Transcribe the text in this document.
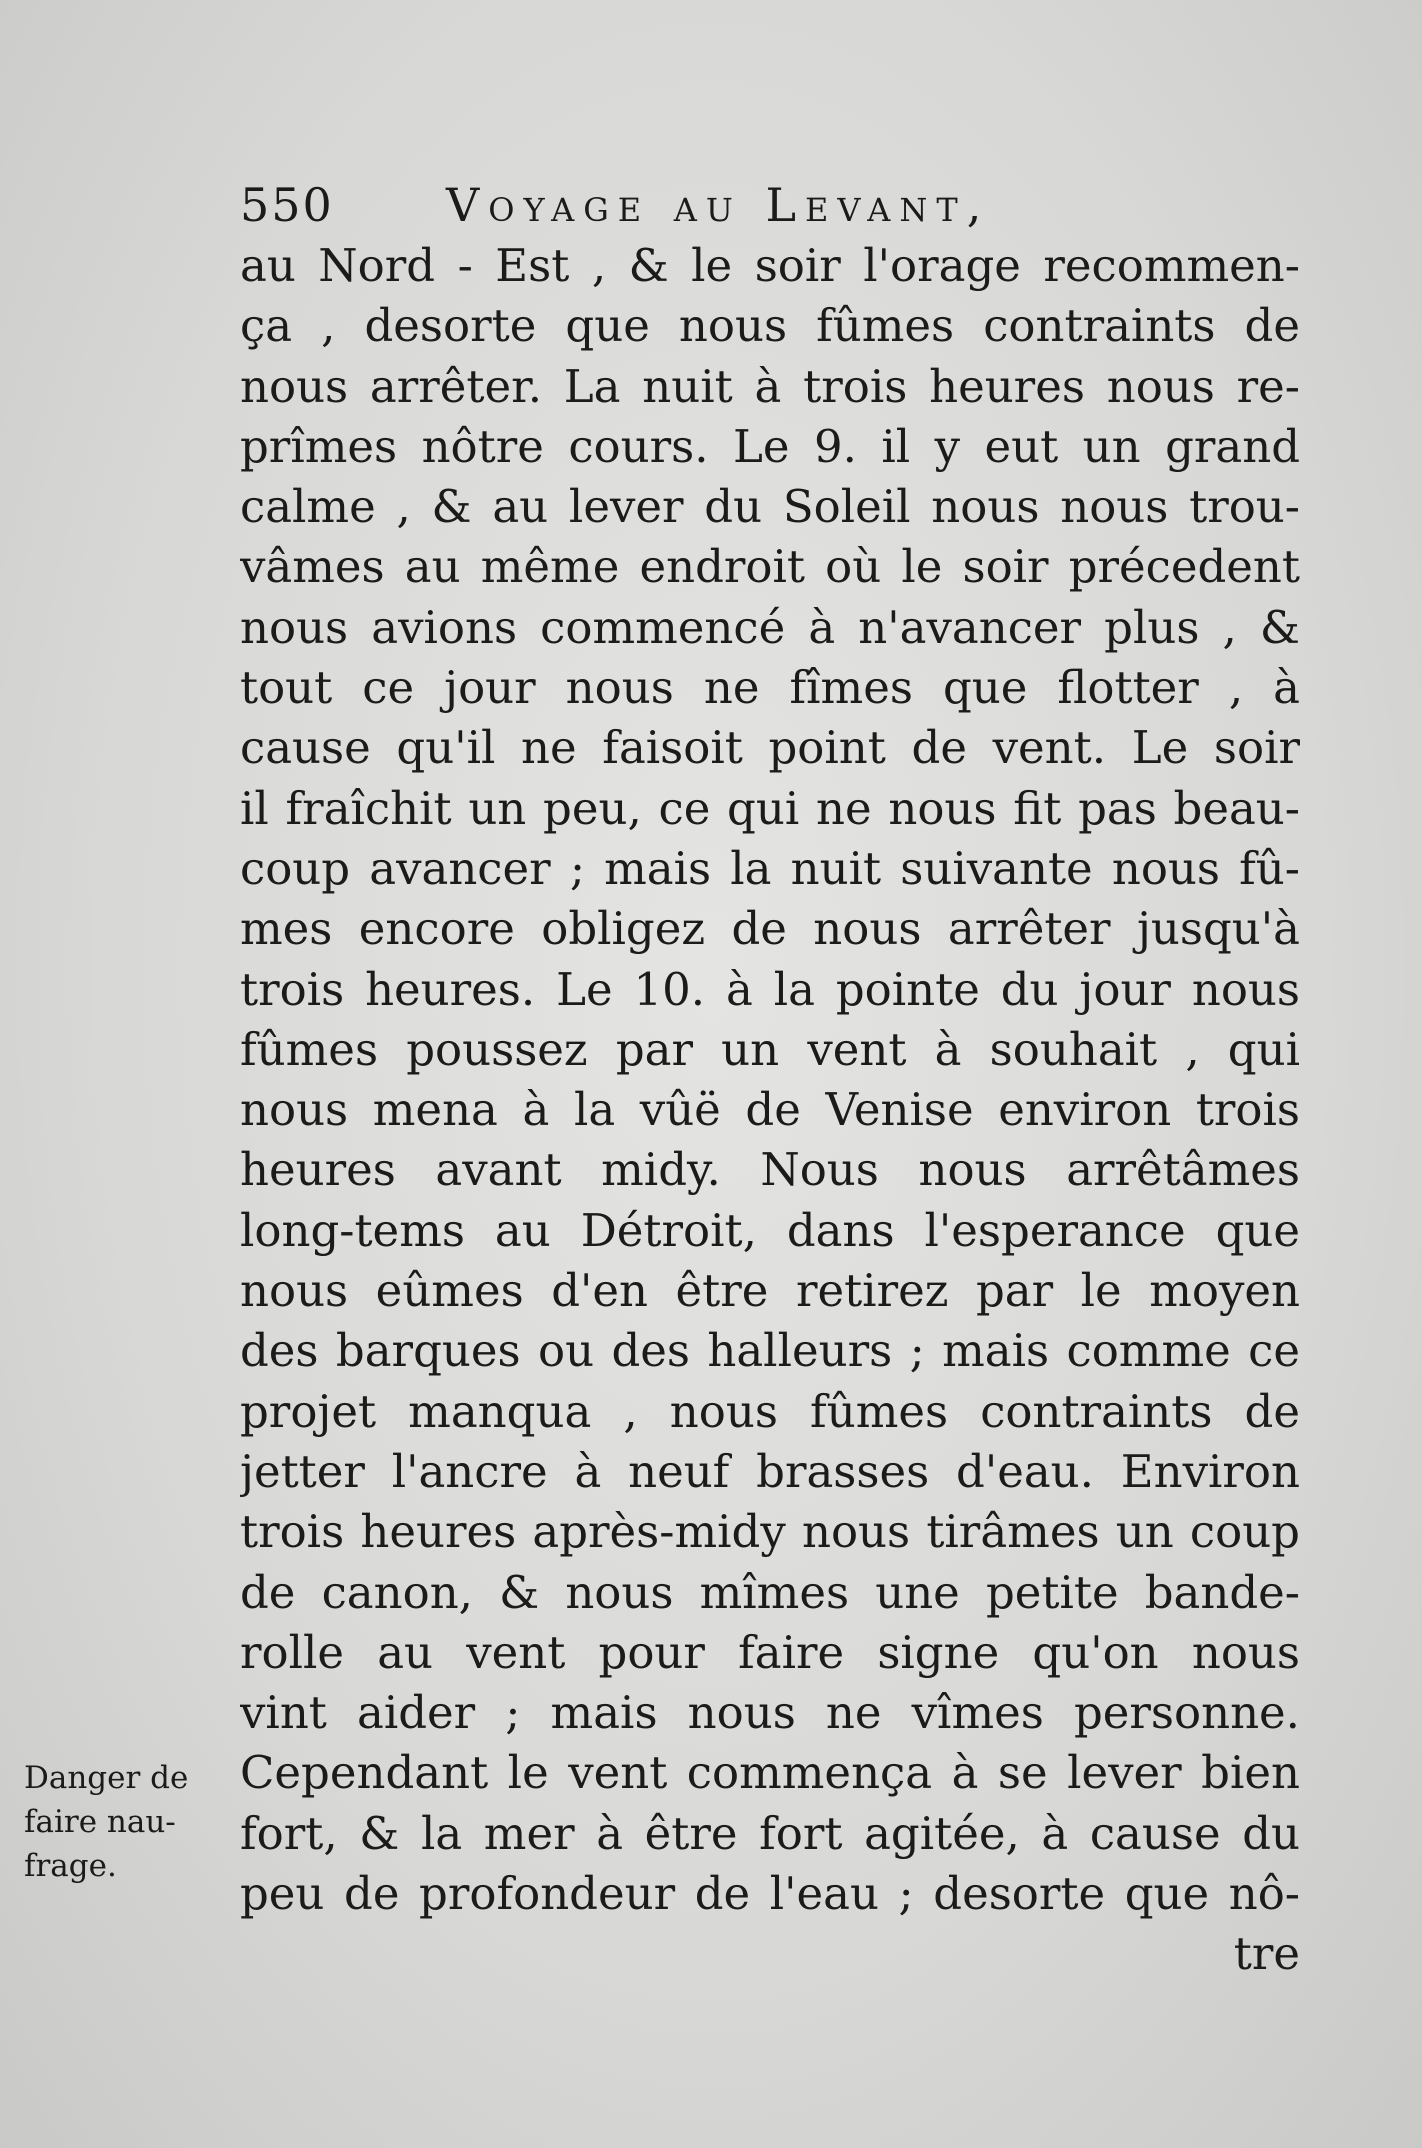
550 Voyage au Levant,
au Nord - Est , & le soir l'orage recommen-
ça , desorte que nous fûmes contraints de
nous arrêter. La nuit à trois heures nous re-
prîmes nôtre cours. Le 9. il y eut un grand
calme , & au lever du Soleil nous nous trou-
vâmes au même endroit où le soir précedent
nous avions commencé à n'avancer plus , &
tout ce jour nous ne fîmes que flotter , à
cause qu'il ne faisoit point de vent. Le soir
il fraîchit un peu, ce qui ne nous fit pas beau-
coup avancer ; mais la nuit suivante nous fû-
mes encore obligez de nous arrêter jusqu'à
trois heures. Le 10. à la pointe du jour nous
fûmes poussez par un vent à souhait , qui
nous mena à la vûë de Venise environ trois
heures avant midy. Nous nous arrêtâmes
long-tems au Détroit, dans l'esperance que
nous eûmes d'en être retirez par le moyen
des barques ou des halleurs ; mais comme ce
projet manqua , nous fûmes contraints de
jetter l'ancre à neuf brasses d'eau. Environ
trois heures après-midy nous tirâmes un coup
de canon, & nous mîmes une petite bande-
rolle au vent pour faire signe qu'on nous
vint aider ; mais nous ne vîmes personne.
Cependant le vent commença à se lever bien
fort, & la mer à être fort agitée, à cause du
peu de profondeur de l'eau ; desorte que nô-
tre
Danger de
faire nau-
frage.
